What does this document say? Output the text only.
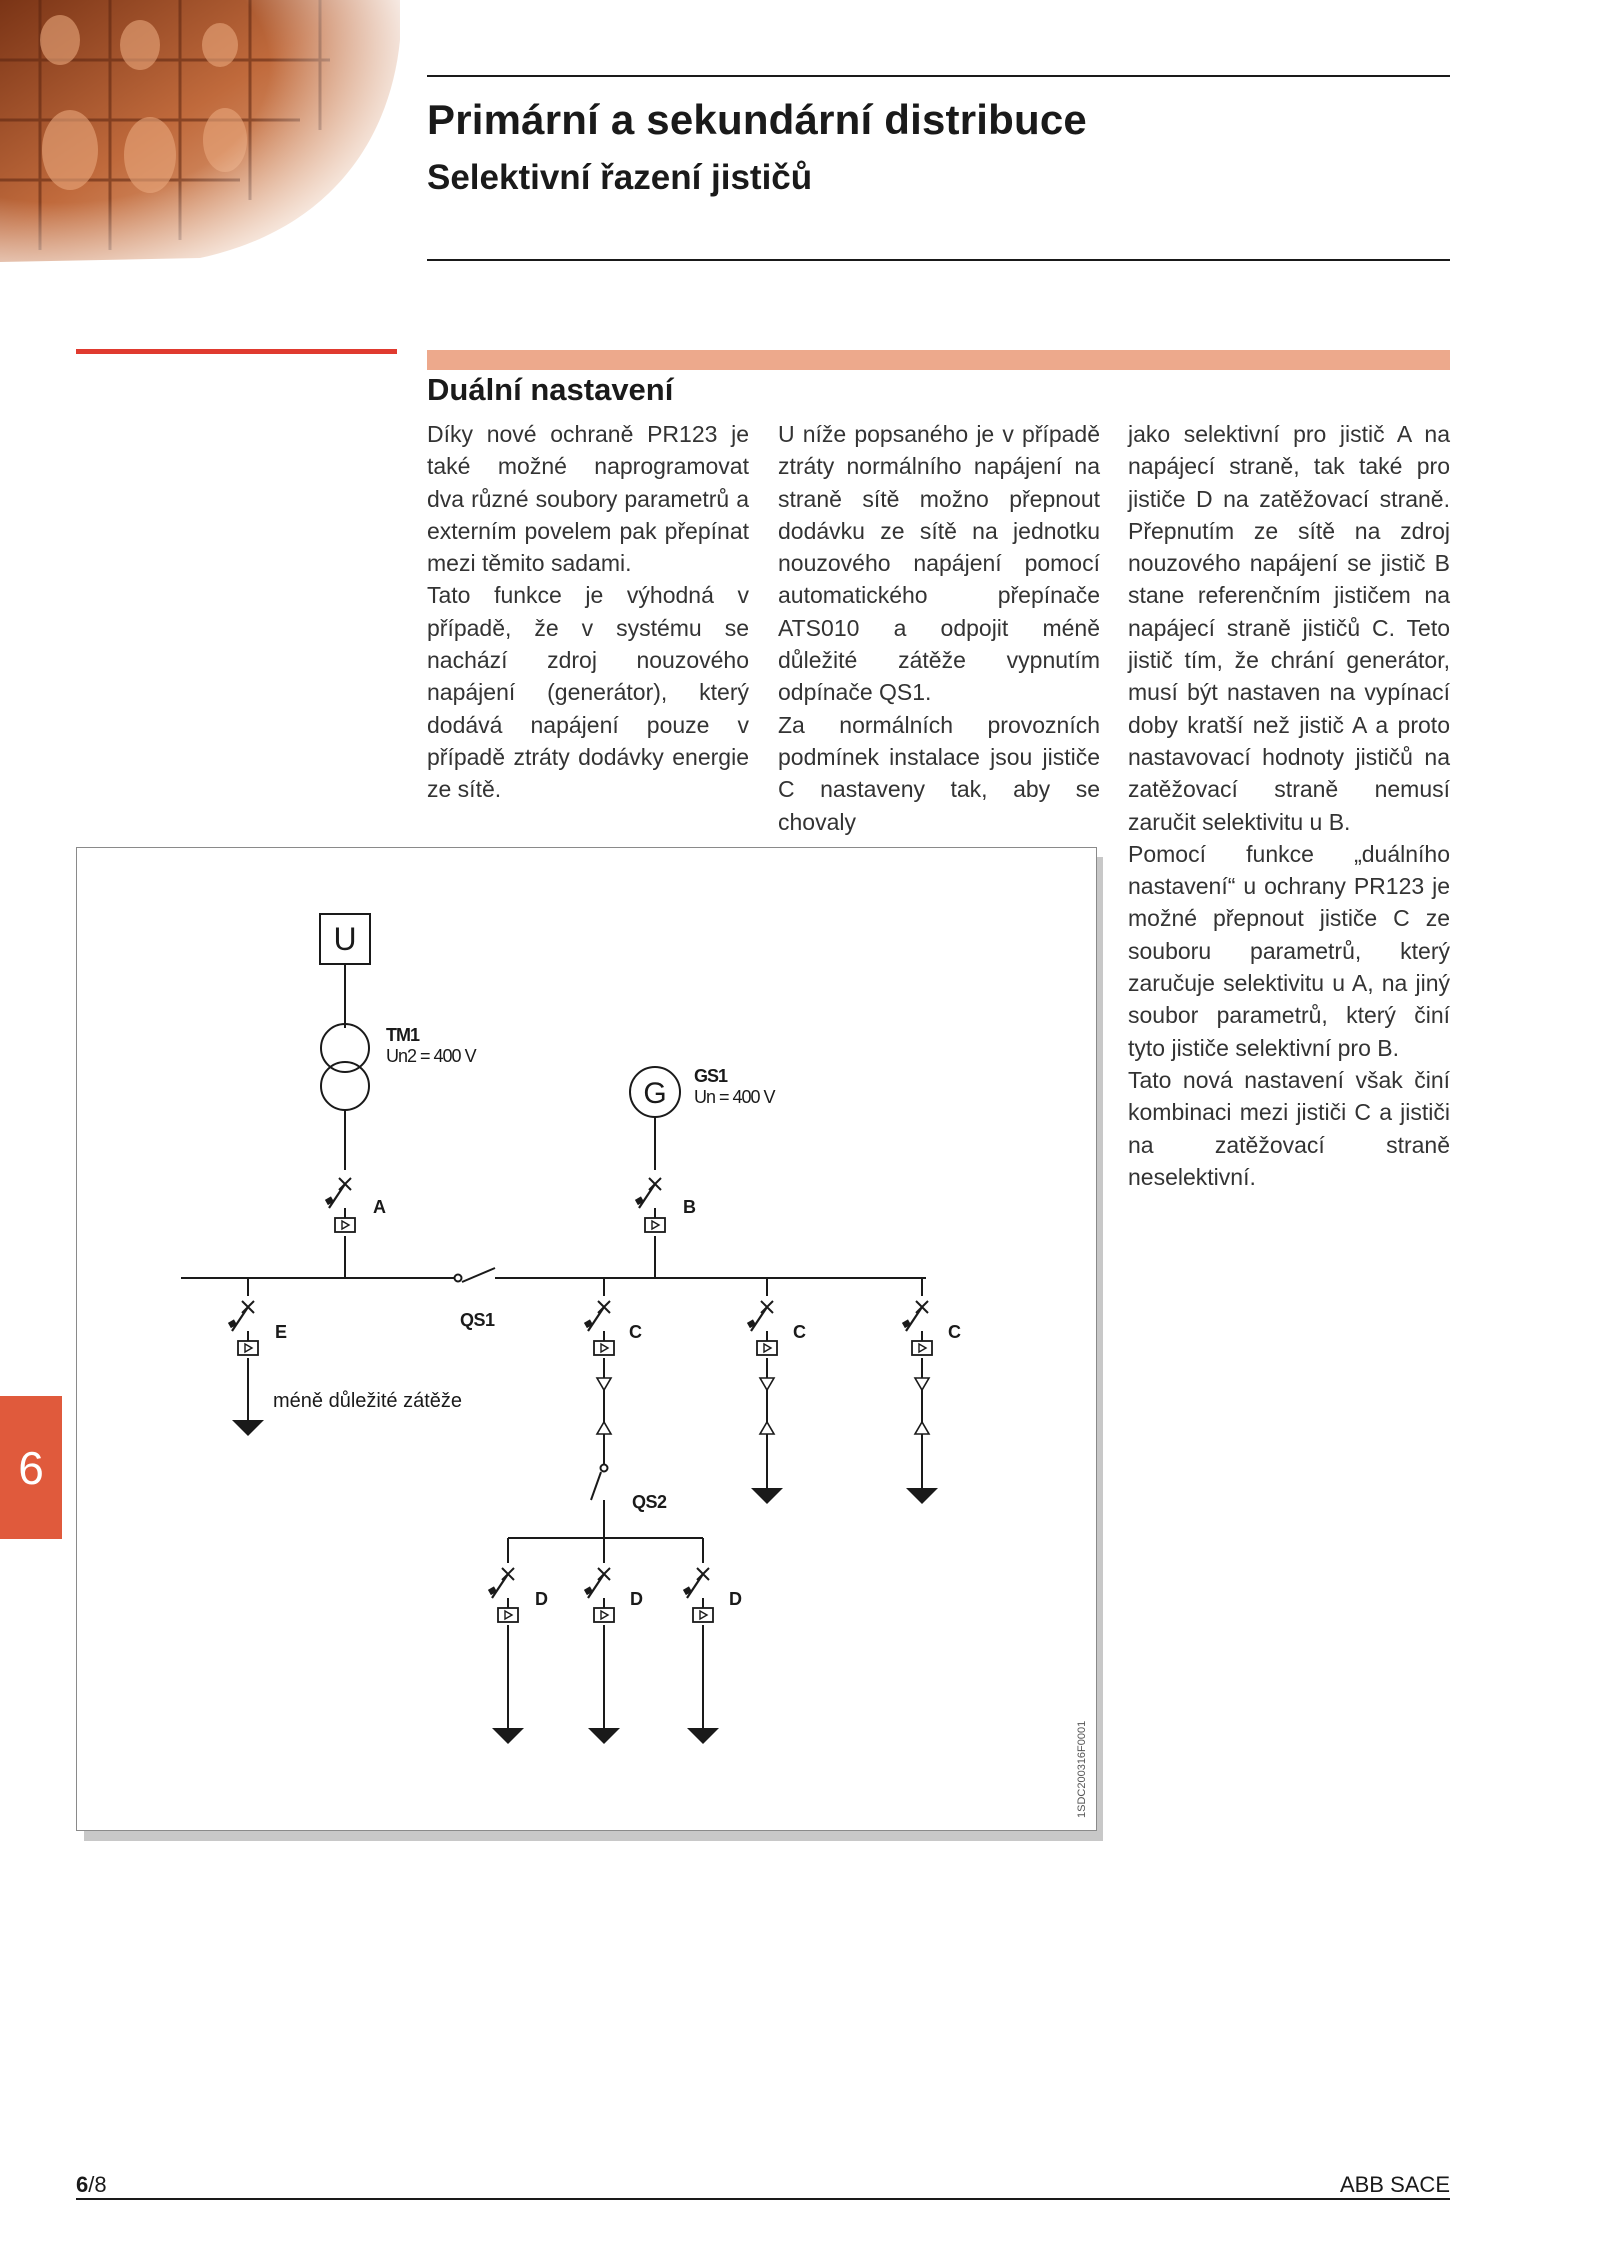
Primární a sekundární distribuce
Selektivní řazení jističů
Duální nastavení

Díky nové ochraně PR123 je také možné naprogramovat dva různé soubory parametrů a externím povelem pak přepínat mezi těmito sadami.

Tato funkce je výhodná v případě, že v systému se nachází zdroj nouzového napájení (generátor), který dodává napájení pouze v případě ztráty dodávky energie ze sítě.

U níže popsaného je v případě ztráty normálního napájení na straně sítě možno přepnout dodávku ze sítě na jednotku nouzového napájení pomocí automatického přepínače ATS010 a odpojit méně důležité zátěže vypnutím odpínače QS1.

Za normálních provozních podmínek instalace jsou jističe C nastaveny tak, aby se chovaly

jako selektivní pro jistič A na napájecí straně, tak také pro jističe D na zatěžovací straně. Přepnutím ze sítě na zdroj nouzového napájení se jistič B stane referenčním jističem na napájecí straně jističů C. Teto jistič tím, že chrání generátor, musí být nastaven na vypínací doby kratší než jistič A a proto nastavovací hodnoty jističů na zatěžovací straně nemusí zaručit selektivitu u B.

Pomocí funkce „duálního nastavení“ u ochrany PR123 je možné přepnout jističe C ze souboru parametrů, který zaručuje selektivitu u A, na jiný soubor parametrů, který činí tyto jističe selektivní pro B.

Tato nová nastavení však činí kombinaci mezi jističi C a jističi na zatěžovací straně neselektivní.

U
G
TM1
Un2 = 400 V
GS1
Un = 400 V
A	B
E
QS1
C	C	C
méně důležité zátěže
QS2
D	D	D
1SDC200316F0001
6
6/8	ABB SACE
